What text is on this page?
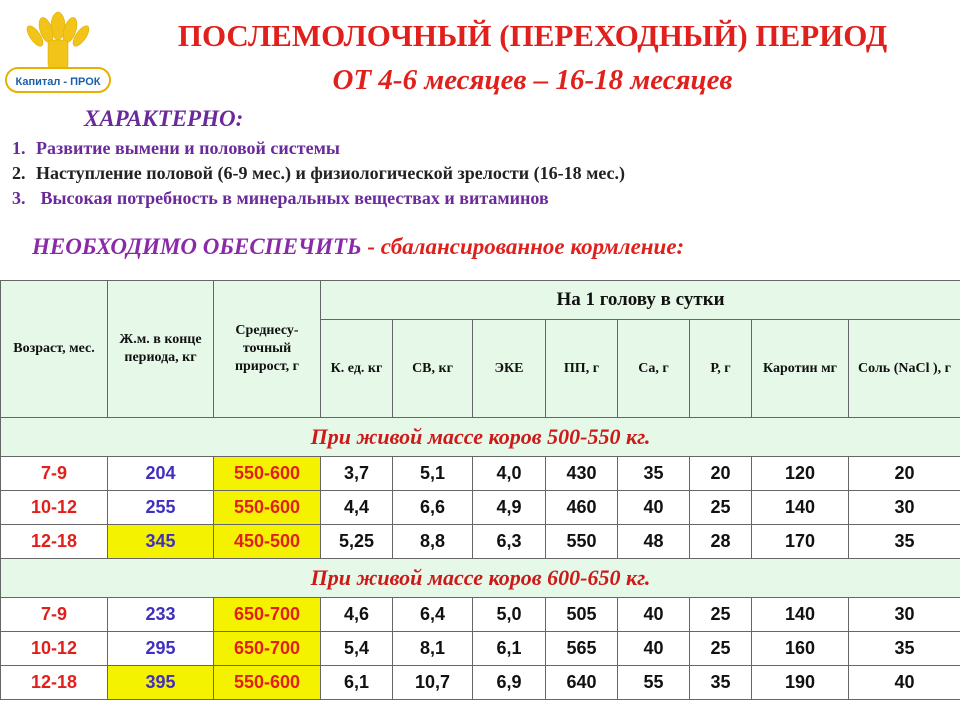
Капитал - ПРОК
ПОСЛЕМОЛОЧНЫЙ (ПЕРЕХОДНЫЙ) ПЕРИОД
ОТ 4-6 месяцев – 16-18 месяцев
ХАРАКТЕРНО:
1. Развитие вымени и половой системы
2. Наступление половой (6-9 мес.) и физиологической зрелости (16-18 мес.)
3. Высокая потребность в минеральных веществах и витаминов
НЕОБХОДИМО ОБЕСПЕЧИТЬ - сбалансированное кормление:
Возраст, мес.	Ж.м. в конце периода, кг	Среднесу-точный прирост, г	На 1 голову в сутки							
			К. ед. кг	СВ, кг	ЭКЕ	ПП, г	Са, г	Р, г	Каротин мг	Соль (NaCl ), г
При живой массе коров 500-550 кг.										
7-9	204	550-600	3,7	5,1	4,0	430	35	20	120	20
10-12	255	550-600	4,4	6,6	4,9	460	40	25	140	30
12-18	345	450-500	5,25	8,8	6,3	550	48	28	170	35
При живой массе коров 600-650 кг.										
7-9	233	650-700	4,6	6,4	5,0	505	40	25	140	30
10-12	295	650-700	5,4	8,1	6,1	565	40	25	160	35
12-18	395	550-600	6,1	10,7	6,9	640	55	35	190	40
